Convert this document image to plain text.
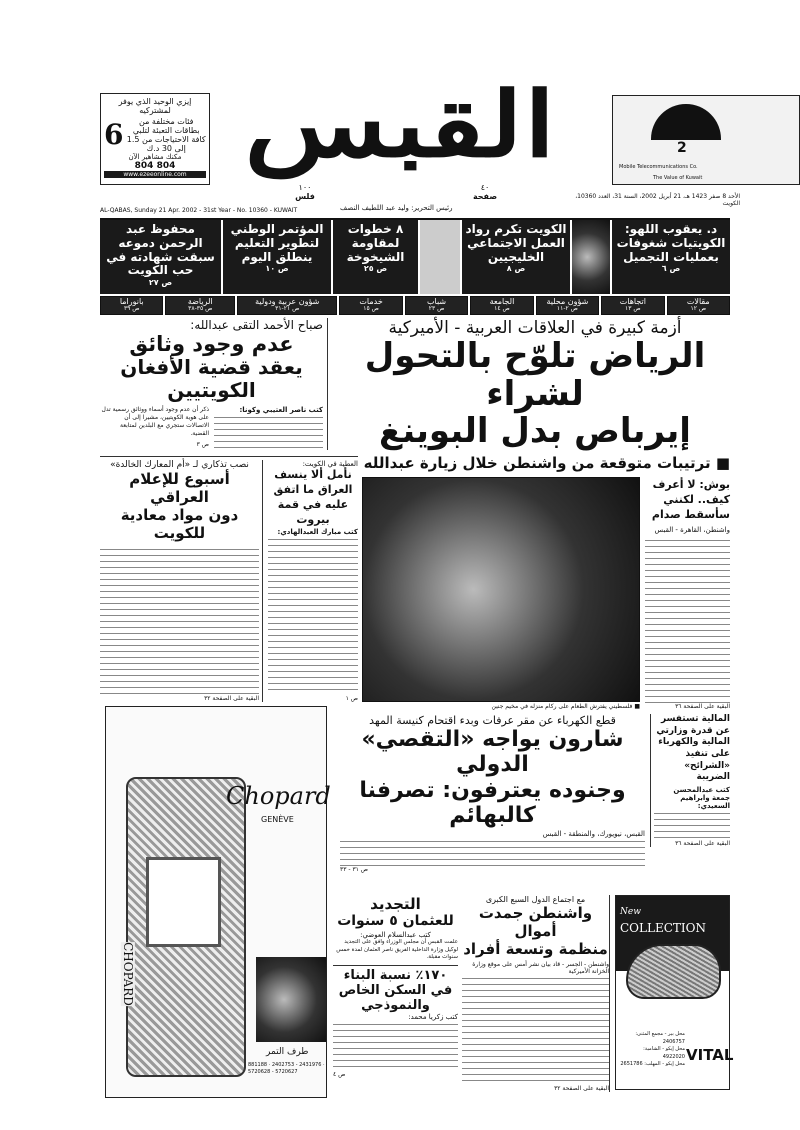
إيزي الوحيد الذي يوفر لمشتركيه
فئات مختلفة من بطاقات التعبئة لتلبي
كافة الاحتياجات من 1.5 إلى 30 د.ك
6
مكنك مشاهير الآن
804 804
www.ezeeonline.com
AL-QABAS, Sunday 21 Apr. 2002 - 31st Year - No. 10360 - KUWAIT
القبس
١٠٠
فلس
رئيس التحرير: وليد عبد اللطيف النصف
٤٠
صفحة
2
Mobile Telecommunications Co.
The Value of Kuwait
الأحد 8 صفر 1423 هـ، 21 أبريل 2002، السنة 31، العدد 10360، الكويت
د. يعقوب اللهو: الكويتيات شغوفات بعمليات التجميل
ص ٦
الكويت تكرم رواد العمل الاجتماعي الخليجيين
ص ٨
٨ خطوات لمقاومة الشيخوخة
ص ٢٥
المؤتمر الوطني لتطوير التعليم ينطلق اليوم
ص ١٠
محفوظ عبد الرحمن دموعه سبقت شهادته في حب الكويت
ص ٢٧
مقالات
ص ١٢
اتجاهات
ص ١٣
شؤون محلية
ص ٢-١١
الجامعة
ص ١٤
شباب
ص ٢٣
خدمات
ص ١٥
شؤون عربية ودولية
ص ٢١-٣١
الرياضة
ص ٣٥-٣٨
بانوراما
ص ٣٩
أزمة كبيرة في العلاقات العربية - الأميركية
الرياض تلوّح بالتحول لشراء
إيرباص بدل البوينغ
■ ترتيبات متوقعة من واشنطن خلال زيارة عبدالله
■ فلسطيني يفترش الطعام على ركام منزله في مخيم جنين
بوش: لا أعرف كيف.. لكنني سأسقط صدام
واشنطن، القاهرة - القبس
البقية على الصفحة ٣٦
صباح الأحمد التقى عبدالله:
عدم وجود وثائق
يعقد قضية الأفغان الكويتيين
كتب ناصر العتيبي وكونا:
ذكر أن عدم وجود أسماء ووثائق رسمية تدل على هوية الكويتيين، مشيرا إلى أن الاتصالات ستجري مع البلدين لمتابعة القضية.
ص ٣
نصب تذكاري لـ «أم المعارك الخالدة»
أسبوع للإعلام العراقي
دون مواد معادية للكويت
البقية على الصفحة ٣٢
العطية في الكويت:
نأمل ألا ينسف العراق ما اتفق عليه في قمة بيروت
كتب مبارك العبدالهادي:
ص ١
CHOPARD
Chopard
GENÈVE
طرف التمر
881188 · 2402753 - 2431976 · 5720628 - 5720627
قطع الكهرباء عن مقر عرفات وبدء اقتحام كنيسة المهد
شارون يواجه «التقصي» الدولي
وجنوده يعترفون: تصرفنا كالبهائم
القبس، نيويورك، والمنطقة - القبس
ص ٣١ - ٣٣
المالية تستفسر عن قدرة وزارتي المالية والكهرباء على تنفيذ «الشرائح» الضريبة
كتب عبدالمحسن جمعة وابراهيم السعيدي:
البقية على الصفحة ٣٦
التجديد
للعثمان ٥ سنوات
كتب عبدالسلام العوضي:
علمت القبس أن مجلس الوزراء وافق على التجديد لوكيل وزارة الداخلية الفريق ناصر العثمان لمدة خمس سنوات مقبلة.
١٧٠٪ نسبة البناء في السكن الخاص والنموذجي
كتب زكريا محمد:
ص ٤
مع اجتماع الدول السبع الكبرى
واشنطن جمدت أموال
منظمة وتسعة أفراد
واشنطن - الجسر - قاد بيان نشر أمس على موقع وزارة الخزانة الأميركية
البقية على الصفحة ٣٢
New COLLECTION
محل بير - مجمع المثنى: 2406757
محل إيكو - الشامية: 4922020
محل إيكو - المهلب: 2651786 VITAL
